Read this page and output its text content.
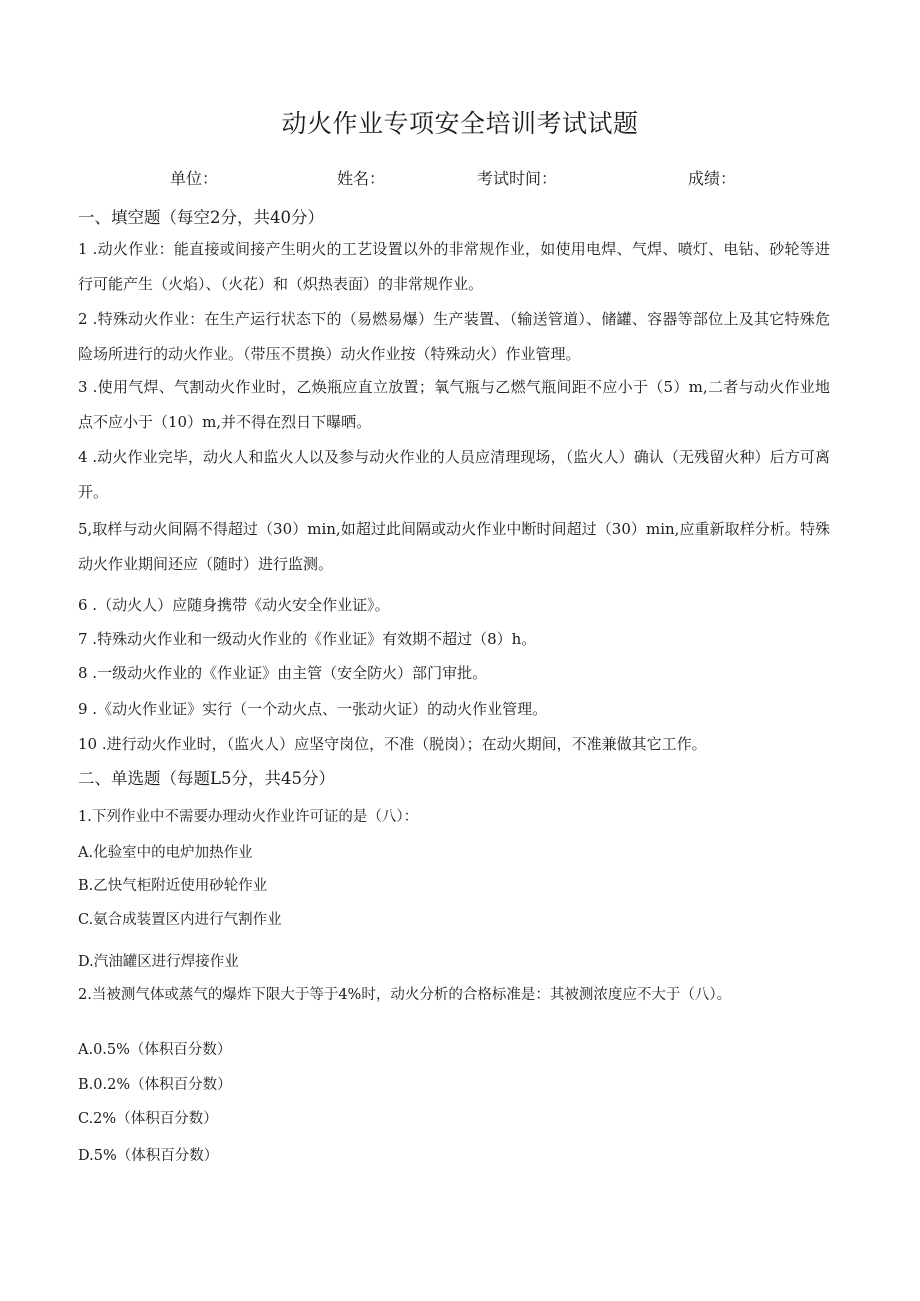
动火作业专项安全培训考试试题
单位：	姓名：	考试时间：	成绩：
一、填空题（每空2分，共40分）
1 .动火作业：能直接或间接产生明火的工艺设置以外的非常规作业，如使用电焊、气焊、喷灯、电钻、砂轮等进行可能产生（火焰）、（火花）和（炽热表面）的非常规作业。
2 .特殊动火作业：在生产运行状态下的（易燃易爆）生产装置、（输送管道）、储罐、容器等部位上及其它特殊危险场所进行的动火作业。（带压不贯换）动火作业按（特殊动火）作业管理。
3 .使用气焊、气割动火作业时，乙焕瓶应直立放置；氧气瓶与乙燃气瓶间距不应小于（5）m,二者与动火作业地点不应小于（10）m,并不得在烈日下曝晒。
4 .动火作业完毕，动火人和监火人以及参与动火作业的人员应清理现场，（监火人）确认（无残留火种）后方可离开。
5,取样与动火间隔不得超过（30）min,如超过此间隔或动火作业中断时间超过（30）min,应重新取样分析。特殊动火作业期间还应（随时）进行监测。
6 .（动火人）应随身携带《动火安全作业证》。
7 .特殊动火作业和一级动火作业的《作业证》有效期不超过（8）h。
8 .一级动火作业的《作业证》由主管（安全防火）部门审批。
9 .《动火作业证》实行（一个动火点、一张动火证）的动火作业管理。
10 .进行动火作业时，（监火人）应坚守岗位，不准（脱岗）；在动火期间，不准兼做其它工作。
二、单选题（每题L5分，共45分）
1.下列作业中不需要办理动火作业许可证的是（八）：
A.化验室中的电炉加热作业
B.乙快气柜附近使用砂轮作业
C.氨合成装置区内进行气割作业
D.汽油罐区进行焊接作业
2.当被测气体或蒸气的爆炸下限大于等于4%时，动火分析的合格标准是：其被测浓度应不大于（八）。
A.0.5%（体积百分数）
B.0.2%（体积百分数）
C.2%（体积百分数）
D.5%（体积百分数）
